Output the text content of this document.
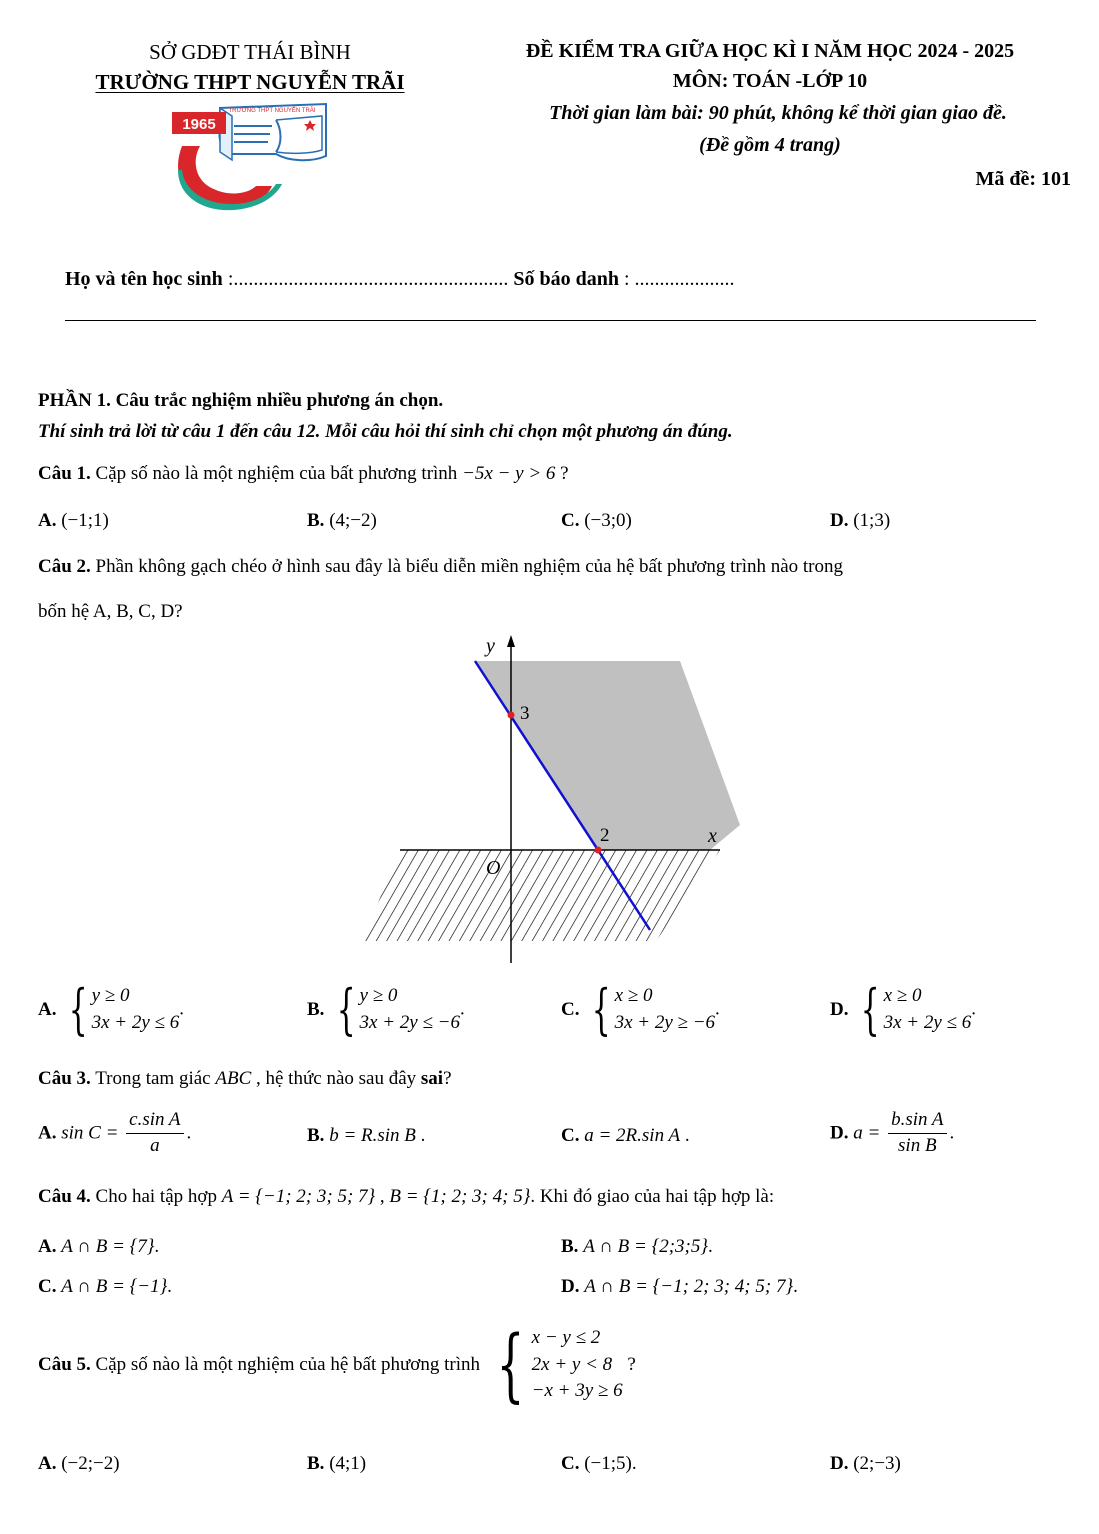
SỞ GDĐT THÁI BÌNH
TRƯỜNG THPT NGUYỄN TRÃI
1965
TRƯỜNG THPT NGUYỄN TRÃI
ĐỀ KIỂM TRA GIỮA HỌC KÌ I NĂM HỌC 2024 - 2025
MÔN: TOÁN -LỚP 10
Thời gian làm bài: 90 phút, không kể thời gian giao đề.
(Đề gồm 4 trang)
Mã đề: 101
Họ và tên học sinh :....................................................... Số báo danh : ....................
PHẦN 1. Câu trắc nghiệm nhiều phương án chọn.
Thí sinh trả lời từ câu 1 đến câu 12. Mỗi câu hỏi thí sinh chỉ chọn một phương án đúng.
Câu 1. Cặp số nào là một nghiệm của bất phương trình −5x − y > 6 ?
A. (−1;1)	B. (4;−2)	C. (−3;0)	D. (1;3)
Câu 2. Phần không gạch chéo ở hình sau đây là biểu diễn miền nghiệm của hệ bất phương trình nào trong
bốn hệ A, B, C, D?
y
3
2	x
O
A. { y ≥ 0
3x + 2y ≤ 6
.	B. { y ≥ 0
3x + 2y ≤ −6
.	C. { x ≥ 0
3x + 2y ≥ −6
.	D. { x ≥ 0
3x + 2y ≤ 6
.
Câu 3. Trong tam giác ABC , hệ thức nào sau đây sai?
A. $\sin C = \frac{\text{c.sin A}}{a}$ .	B. b = R.sin B .	C. a = 2R.sin A .	D. $a = \frac{\text{b.sin A}}{\text{sin B}}$ .
Câu 4. Cho hai tập hợp A = {−1; 2; 3; 5; 7} , B = {1; 2; 3; 4; 5}. Khi đó giao của hai tập hợp là:
A. A ∩ B = {7}.	B. A ∩ B = {2;3;5}.
C. A ∩ B = {−1}.	D. A ∩ B = {−1; 2; 3; 4; 5; 7}.
Câu 5. Cặp số nào là một nghiệm của hệ bất phương trình { x − y ≤ 2
2x + y < 8
−x + 3y ≥ 6
?
A. (−2;−2)	B. (4;1)	C. (−1;5).	D. (2;−3)
